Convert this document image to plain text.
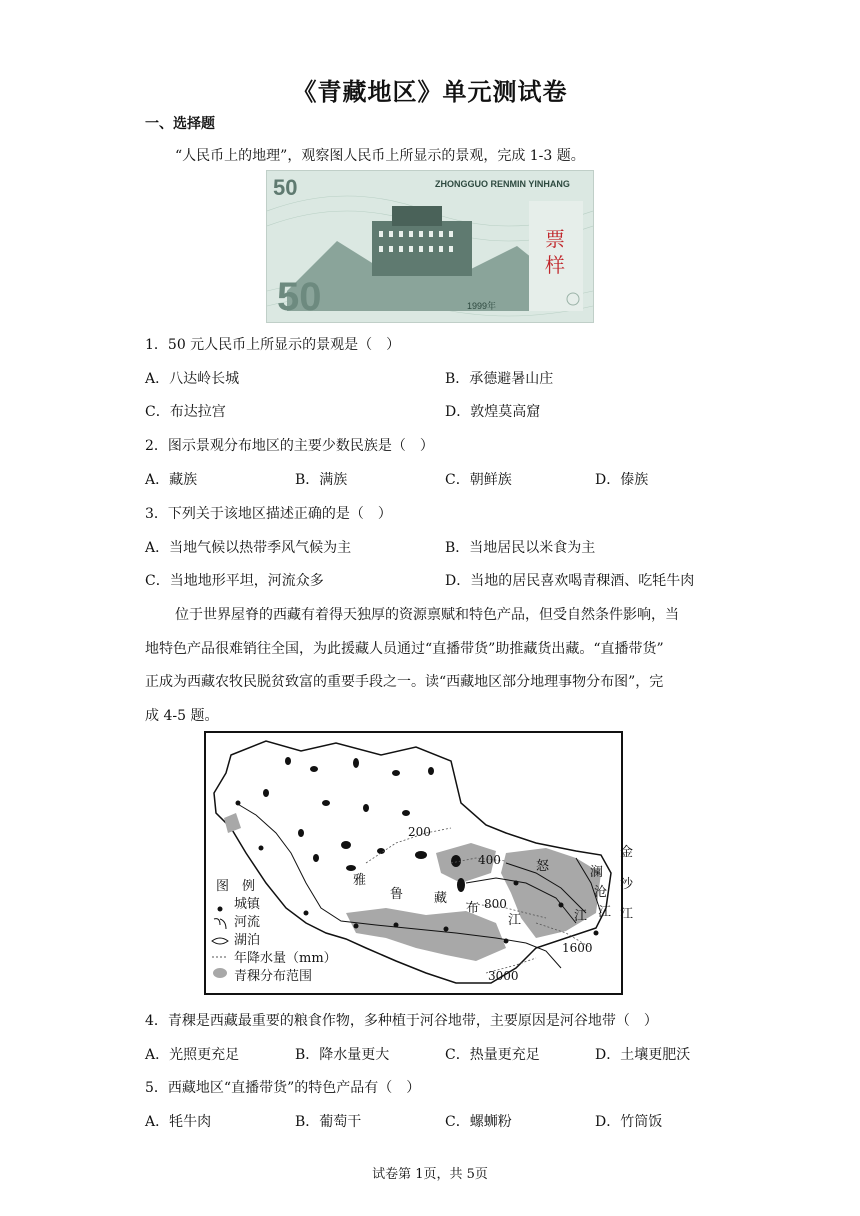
《青藏地区》单元测试卷
一、选择题
“人民币上的地理”，观察图人民币上所显示的景观，完成 1-3 题。
ZHONGGUO RENMIN YINHANG
50
50	1999年
票
样
1．50 元人民币上所显示的景观是（　）
A．八达岭长城	B．承德避暑山庄
C．布达拉宫	D．敦煌莫高窟
2．图示景观分布地区的主要少数民族是（　）
A．藏族	B．满族	C．朝鲜族	D．傣族
3．下列关于该地区描述正确的是（　）
A．当地气候以热带季风气候为主	B．当地居民以米食为主
C．当地地形平坦，河流众多	D．当地的居民喜欢喝青稞酒、吃牦牛肉
位于世界屋脊的西藏有着得天独厚的资源禀赋和特色产品，但受自然条件影响，当
地特色产品很难销往全国，为此援藏人员通过“直播带货”助推藏货出藏。“直播带货”
正成为西藏农牧民脱贫致富的重要手段之一。读“西藏地区部分地理事物分布图”，完
成 4-5 题。
图　例
城镇
河流
湖泊
年降水量（mm）
青稞分布范围
200
400
800
1600
3000
雅
鲁 藏
布
江
怒
江
澜
沧
江
金
沙
江
4．青稞是西藏最重要的粮食作物，多种植于河谷地带，主要原因是河谷地带（　）
A．光照更充足	B．降水量更大	C．热量更充足	D．土壤更肥沃
5．西藏地区“直播带货”的特色产品有（　）
A．牦牛肉	B．葡萄干	C．螺蛳粉	D．竹筒饭
试卷第 1页，共 5页
